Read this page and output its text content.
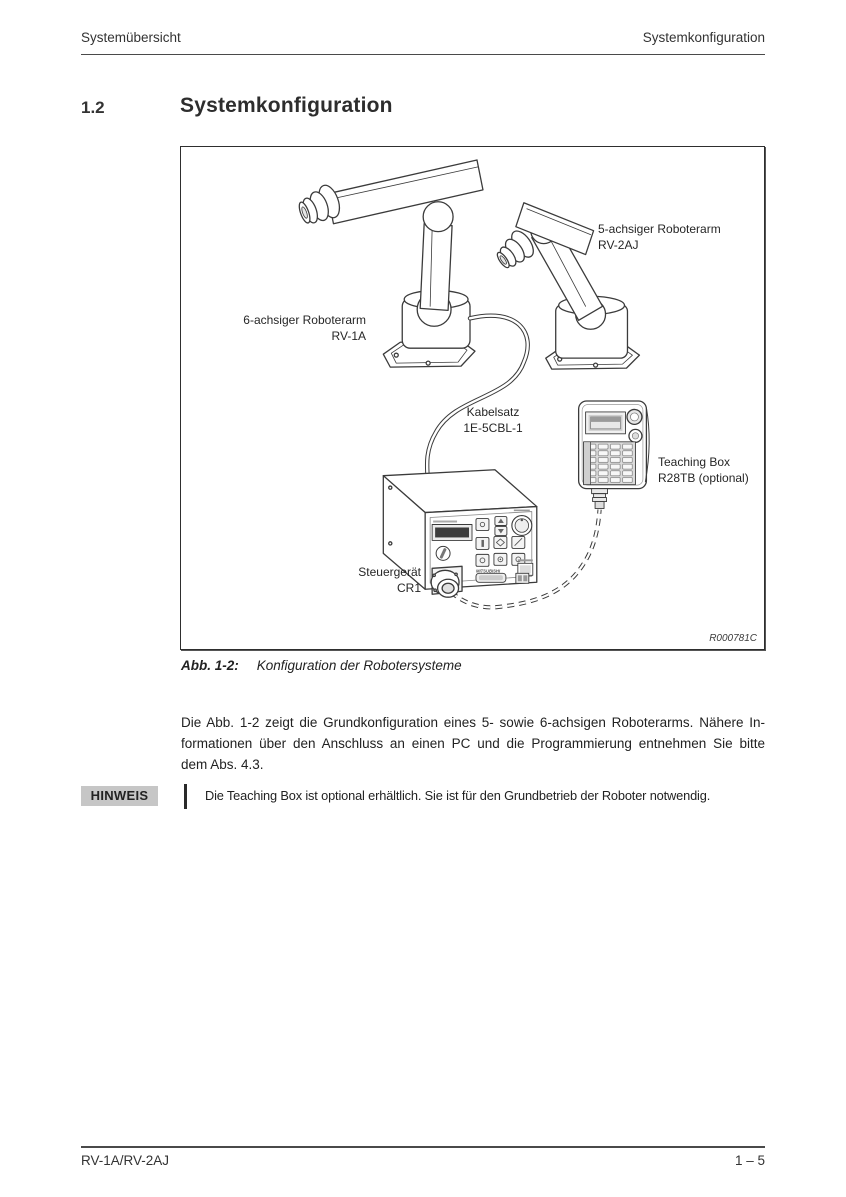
Systemübersicht	Systemkonfiguration
1.2	Systemkonfiguration
MITSUBISHI
5-achsiger Roboterarm
RV-2AJ
6-achsiger Roboterarm
RV-1A
Kabelsatz
1E-5CBL-1
Teaching Box
R28TB (optional)
Steuergerät
CR1
R000781C
Abb. 1-2: Konfiguration der Robotersysteme
Die Abb. 1-2 zeigt die Grundkonfiguration eines 5- sowie 6-achsigen Roboterarms. Nähere In-
formationen über den Anschluss an einen PC und die Programmierung entnehmen Sie bitte
dem Abs. 4.3.
HINWEIS	Die Teaching Box ist optional erhältlich. Sie ist für den Grundbetrieb der Roboter notwendig.
RV-1A/RV-2AJ	1 – 5
